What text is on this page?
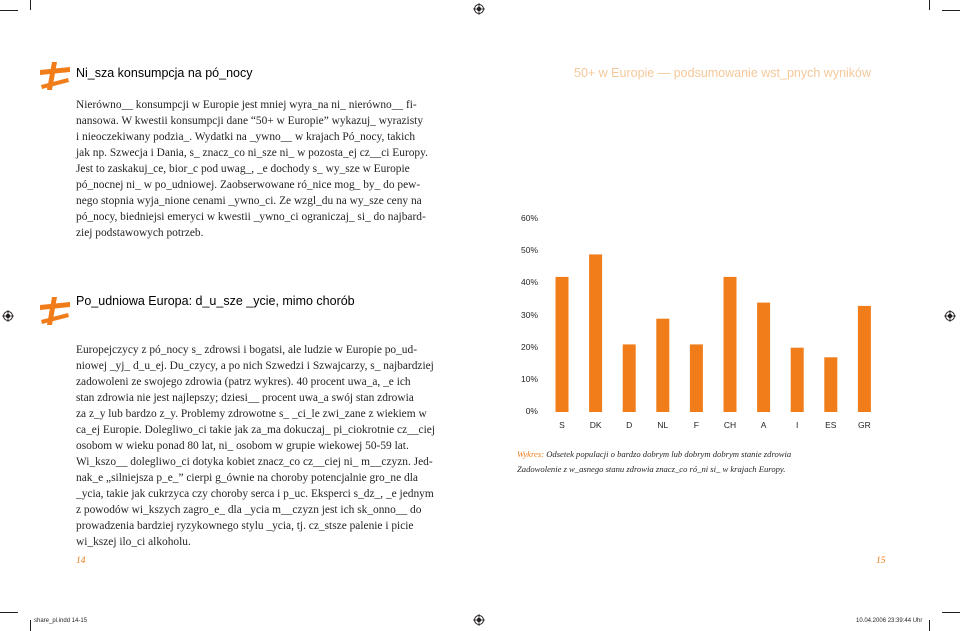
Ni_sza konsumpcja na pó_nocy
Nierówno__ konsumpcji w Europie jest mniej wyra_na ni_ nierówno__ fi-
nansowa. W kwestii konsumpcji dane “50+ w Europie” wykazuj_ wyrazisty
i nieoczekiwany podzia_. Wydatki na _ywno__ w krajach Pó_nocy, takich
jak np. Szwecja i Dania, s_ znacz_co ni_sze ni_ w pozosta_ej cz__ci Europy.
Jest to zaskakuj_ce, bior_c pod uwag_, _e dochody s_ wy_sze w Europie
pó_nocnej ni_ w po_udniowej. Zaobserwowane ró_nice mog_ by_ do pew-
nego stopnia wyja_nione cenami _ywno_ci. Ze wzgl_du na wy_sze ceny na
pó_nocy, biedniejsi emeryci w kwestii _ywno_ci ograniczaj_ si_ do najbard-
ziej podstawowych potrzeb.
Po_udniowa Europa: d_u_sze _ycie, mimo chorób
Europejczycy z pó_nocy s_ zdrowsi i bogatsi, ale ludzie w Europie po_ud-
niowej _yj_ d_u_ej. Du_czycy, a po nich Szwedzi i Szwajcarzy, s_ najbardziej
zadowoleni ze swojego zdrowia (patrz wykres). 40 procent uwa_a, _e ich
stan zdrowia nie jest najlepszy; dziesi__ procent uwa_a swój stan zdrowia
za z_y lub bardzo z_y. Problemy zdrowotne s_ _ci_le zwi_zane z wiekiem w
ca_ej Europie. Dolegliwo_ci takie jak za_ma dokuczaj_ pi_ciokrotnie cz__ciej
osobom w wieku ponad 80 lat, ni_ osobom w grupie wiekowej 50-59 lat.
Wi_kszo__ dolegliwo_ci dotyka kobiet znacz_co cz__ciej ni_ m__czyzn. Jed-
nak_e „silniejsza p_e_” cierpi g_ównie na choroby potencjalnie gro_ne dla
_ycia, takie jak cukrzyca czy choroby serca i p_uc. Eksperci s_dz_, _e jednym
z powodów wi_kszych zagro_e_ dla _ycia m__czyzn jest ich sk_onno__ do
prowadzenia bardziej ryzykownego stylu _ycia, tj. cz_stsze palenie i picie
wi_kszej ilo_ci alkoholu.
14
50+ w Europie — podsumowanie wst_pnych wyników
0%
10%
20%
30%
40%
50%
60%
S	DK	D	NL	F	CH	A	I	ES	GR
Wykres: Odsetek populacji o bardzo dobrym lub dobrym dobrym stanie zdrowia
Zadowolenie z w_asnego stanu zdrowia znacz_co ró_ni si_ w krajach Europy.
15
share_pl.indd 14-15	10.04.2006 23:39:44 Uhr
